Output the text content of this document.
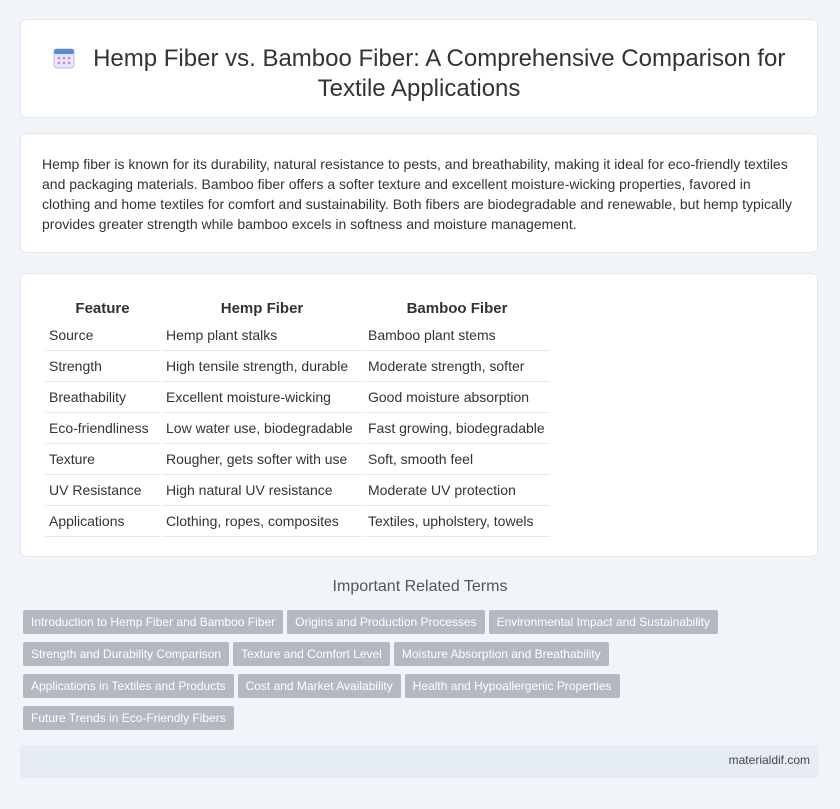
Hemp Fiber vs. Bamboo Fiber: A Comprehensive Comparison for Textile Applications

Hemp fiber is known for its durability, natural resistance to pests, and breathability, making it ideal for eco-friendly textiles and packaging materials. Bamboo fiber offers a softer texture and excellent moisture-wicking properties, favored in clothing and home textiles for comfort and sustainability. Both fibers are biodegradable and renewable, but hemp typically provides greater strength while bamboo excels in softness and moisture management.

Feature	Hemp Fiber	Bamboo Fiber
Source	Hemp plant stalks	Bamboo plant stems
Strength	High tensile strength, durable	Moderate strength, softer
Breathability	Excellent moisture-wicking	Good moisture absorption
Eco-friendliness	Low water use, biodegradable	Fast growing, biodegradable
Texture	Rougher, gets softer with use	Soft, smooth feel
UV Resistance	High natural UV resistance	Moderate UV protection
Applications	Clothing, ropes, composites	Textiles, upholstery, towels
Important Related Terms
Introduction to Hemp Fiber and Bamboo Fiber Origins and Production Processes Environmental Impact and SustainabilityStrength and Durability Comparison Texture and Comfort Level Moisture Absorption and BreathabilityApplications in Textiles and Products Cost and Market Availability Health and Hypoallergenic PropertiesFuture Trends in Eco-Friendly Fibers
materialdif.com
